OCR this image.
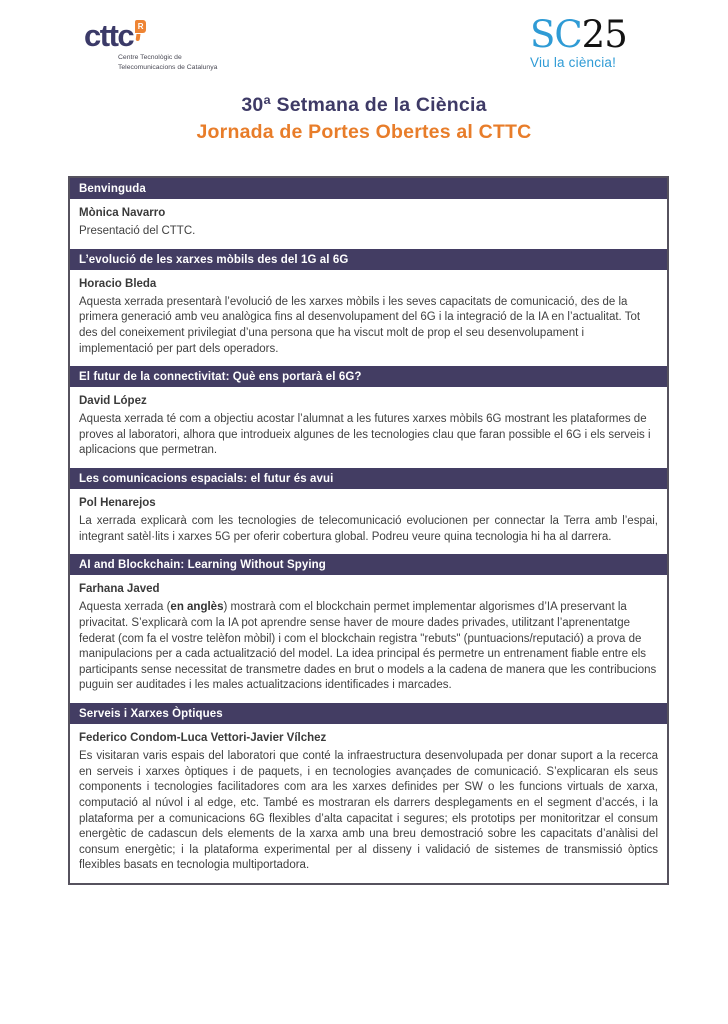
cttc R
Centre Tecnològic de
Telecomunicacions de Catalunya
SC25
Viu la ciència!
30ª Setmana de la Ciència
Jornada de Portes Obertes al CTTC
Benvinguda
Mònica Navarro
Presentació del CTTC.
L’evolució de les xarxes mòbils des del 1G al 6G
Horacio Bleda
Aquesta xerrada presentarà l’evolució de les xarxes mòbils i les seves capacitats de comunicació, des de la primera generació amb veu analògica fins al desenvolupament del 6G i la integració de la IA en l’actualitat. Tot des del coneixement privilegiat d’una persona que ha viscut molt de prop el seu desenvolupament i implementació per part dels operadors.
El futur de la connectivitat: Què ens portarà el 6G?
David López
Aquesta xerrada té com a objectiu acostar l’alumnat a les futures xarxes mòbils 6G mostrant les plataformes de proves al laboratori, alhora que introdueix algunes de les tecnologies clau que faran possible el 6G i els serveis i aplicacions que permetran.
Les comunicacions espacials: el futur és avui
Pol Henarejos
La xerrada explicarà com les tecnologies de telecomunicació evolucionen per connectar la Terra amb l’espai, integrant satèl·lits i xarxes 5G per oferir cobertura global. Podreu veure quina tecnologia hi ha al darrera.
AI and Blockchain: Learning Without Spying
Farhana Javed
Aquesta xerrada (en anglès) mostrarà com el blockchain permet implementar algorismes d’IA preservant la privacitat. S’explicarà com la IA pot aprendre sense haver de moure dades privades, utilitzant l’aprenentatge federat (com fa el vostre telèfon mòbil) i com el blockchain registra "rebuts" (puntuacions/reputació) a prova de manipulacions per a cada actualització del model. La idea principal és permetre un entrenament fiable entre els participants sense necessitat de transmetre dades en brut o models a la cadena de manera que les contribucions puguin ser auditades i les males actualitzacions identificades i marcades.
Serveis i Xarxes Òptiques
Federico Condom-Luca Vettori-Javier Vílchez
Es visitaran varis espais del laboratori que conté la infraestructura desenvolupada per donar suport a la recerca en serveis i xarxes òptiques i de paquets, i en tecnologies avançades de comunicació. S’explicaran els seus components i tecnologies facilitadores com ara les xarxes definides per SW o les funcions virtuals de xarxa, computació al núvol i al edge, etc. També es mostraran els darrers desplegaments en el segment d’accés, i la plataforma per a comunicacions 6G flexibles d’alta capacitat i segures; els prototips per monitoritzar el consum energètic de cadascun dels elements de la xarxa amb una breu demostració sobre les capacitats d’anàlisi del consum energètic; i la plataforma experimental per al disseny i validació de sistemes de transmissió òptics flexibles basats en tecnologia multiportadora.
